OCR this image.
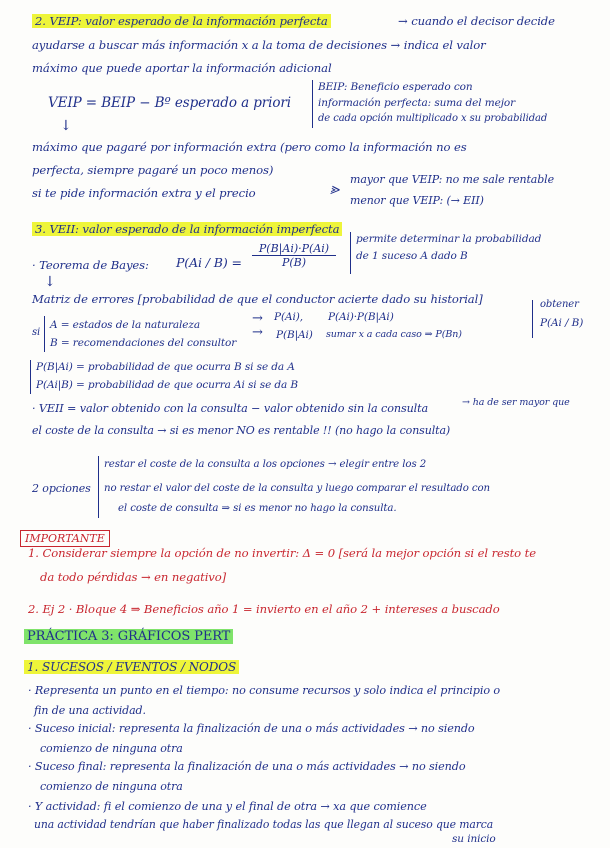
2. VEIP: valor esperado de la información perfecta	→ cuando el decisor decide
ayudarse a buscar más información x a la toma de decisiones → indica el valor
máximo que puede aportar la información adicional
VEIP = BEIP − Bº esperado a priori
BEIP: Beneficio esperado con
información perfecta: suma del mejor
de cada opción multiplicado x su probabilidad
↓
máximo que pagaré por información extra (pero como la información no es
perfecta, siempre pagaré un poco menos)
si te pide información extra y el precio	⪢ mayor que VEIP: no me sale rentable
menor que VEIP: (→ EII)
3. VEII: valor esperado de la información imperfecta
· Teorema de Bayes: $P(Ai / B) = \frac{P(B|Ai)\cdot P(Ai)}{P(B)}$
permite determinar la probabilidad
de 1 suceso A dado B
↓
Matriz de errores [probabilidad de que el conductor acierte dado su historial]
si
A = estados de la naturaleza
B = recomendaciones del consultor
→
→
P(Ai), P(Ai)·P(B|Ai)
P(B|Ai) sumar x a cada caso ⇒ P(Bn)
obtener
P(Ai / B)
P(B|Ai) = probabilidad de que ocurra B si se da A
P(Ai|B) = probabilidad de que ocurra Ai si se da B
· VEII = valor obtenido con la consulta − valor obtenido sin la consulta	→ ha de ser mayor que
el coste de la consulta → si es menor NO es rentable !! (no hago la consulta)
2 opciones
restar el coste de la consulta a los opciones → elegir entre los 2
no restar el valor del coste de la consulta y luego comparar el resultado con
el coste de consulta ⇒ si es menor no hago la consulta.
IMPORTANTE
1. Considerar siempre la opción de no invertir: Δ = 0 [será la mejor opción si el resto te
da todo pérdidas → en negativo]
2. Ej 2 · Bloque 4 ⇒ Beneficios año 1 = invierto en el año 2 + intereses a buscado
PRÁCTICA 3: GRÁFICOS PERT
1. SUCESOS / EVENTOS / NODOS
· Representa un punto en el tiempo: no consume recursos y solo indica el principio o
fin de una actividad.
· Suceso inicial: representa la finalización de una o más actividades → no siendo
comienzo de ninguna otra
· Suceso final: representa la finalización de una o más actividades → no siendo
comienzo de ninguna otra
· Y actividad: fi el comienzo de una y el final de otra → xa que comience
una actividad tendrían que haber finalizado todas las que llegan al suceso que marca
su inicio
